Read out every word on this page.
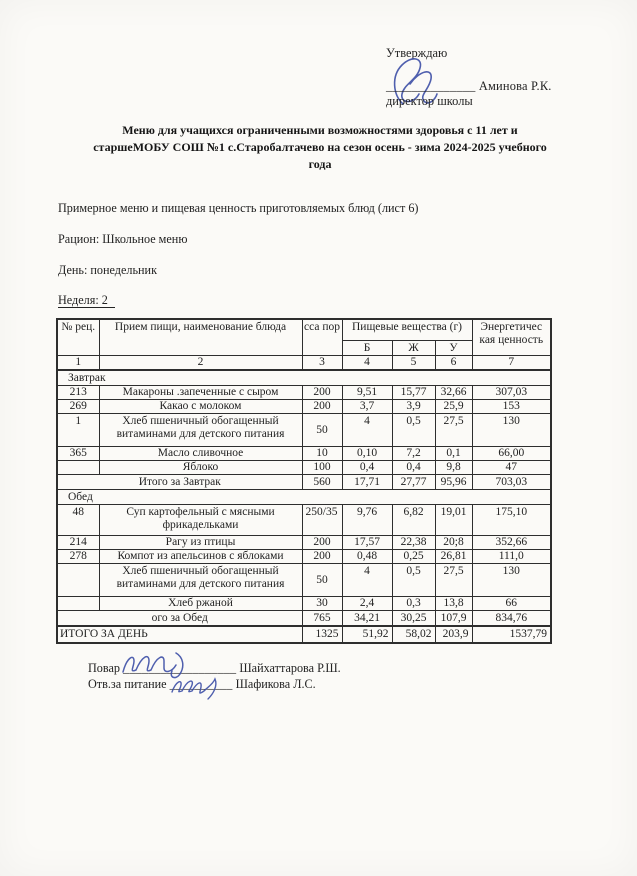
Утверждаю
______________ Аминова Р.К.
директор школы
Меню для учащихся ограниченными возможностями здоровья с 11 лет и
старшеМОБУ СОШ №1 с.Старобалтачево на сезон осень - зима 2024-2025 учебного
года
Примерное меню и пищевая ценность приготовляемых блюд (лист 6)
Рацион: Школьное меню
День: понедельник
Неделя: 2
№ рец.	Прием пищи, наименование блюда	сса пор	Пищевые вещества (г)			Энергетичес
кая ценность
			Б	Ж	У	
1	2	3	4	5	6	7
Завтрак						
213	Макароны .запеченные с сыром	200	9,51	15,77	32,66	307,03
269	Какао с молоком	200	3,7	3,9	25,9	153
1	Хлеб пшеничный обогащенный витаминами для детского питания	50	4	0,5	27,5	130
365	Масло сливочное	10	0,10	7,2	0,1	66,00
	Яблоко	100	0,4	0,4	9,8	47
Итого за Завтрак		560	17,71	27,77	95,96	703,03
Обед						
48	Суп картофельный с мясными фрикадельками	250/35	9,76	6,82	19,01	175,10
214	Рагу из птицы	200	17,57	22,38	20;8	352,66
278	Компот из апельсинов с яблоками	200	0,48	0,25	26,81	111,0
	Хлеб пшеничный обогащенный витаминами для детского питания	50	4	0,5	27,5	130
	Хлеб ржаной	30	2,4	0,3	13,8	66
ого за Обед		765	34,21	30,25	107,9	834,76
ИТОГО ЗА ДЕНЬ		1325	51,92	58,02	203,9	1537,79
Повар __________________ Шайхаттарова Р.Ш.
Отв.за питание __________ Шафикова Л.С.
